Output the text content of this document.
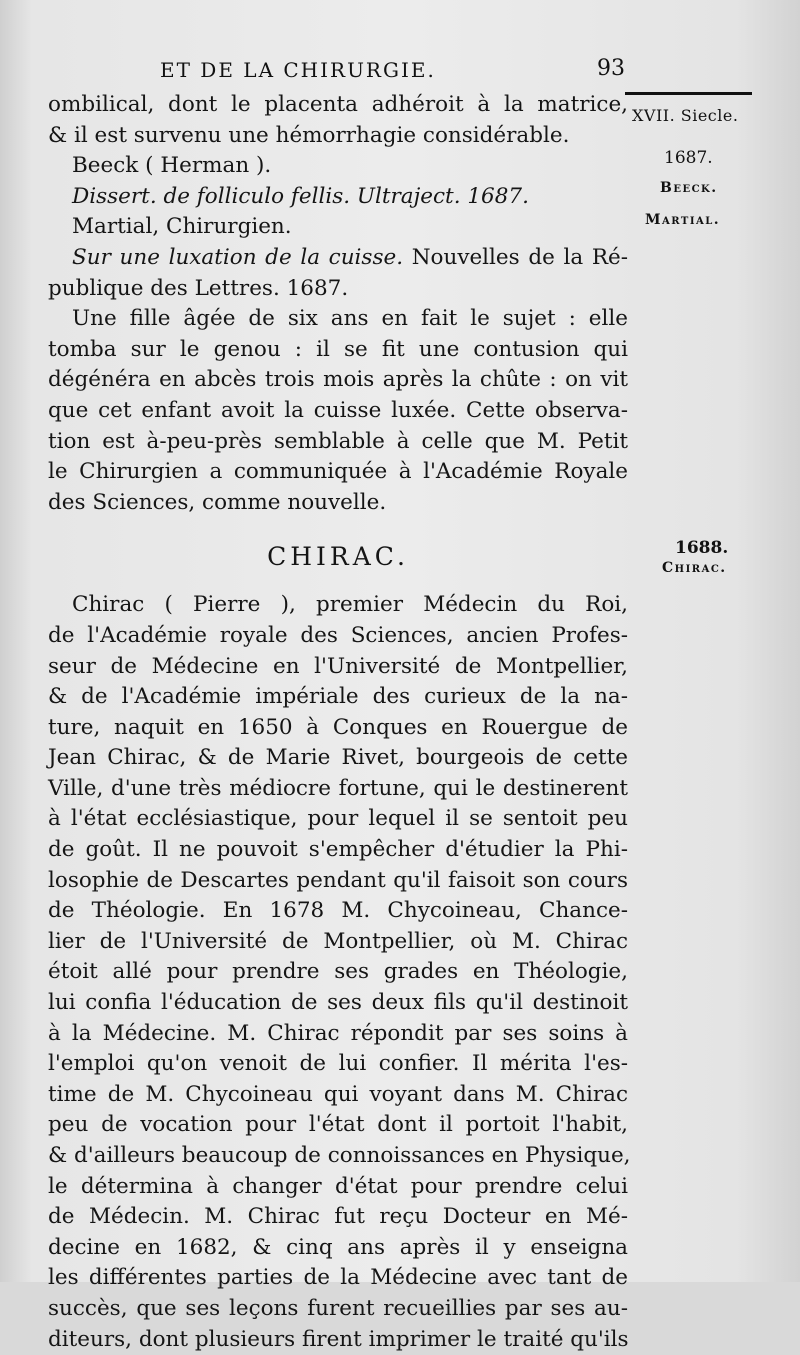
ET DE LA CHIRURGIE.	93
XVII. Siecle.
1687.
Beeck.
Martial.
1688.
Chirac.
ombilical, dont le placenta adhéroit à la matrice,
& il est survenu une hémorrhagie considérable.
Beeck ( Herman ).
Dissert. de folliculo fellis. Ultraject. 1687.
Martial, Chirurgien.
Sur une luxation de la cuisse. Nouvelles de la Ré-
publique des Lettres. 1687.
Une fille âgée de six ans en fait le sujet : elle
tomba sur le genou : il se fit une contusion qui
dégénéra en abcès trois mois après la chûte : on vit
que cet enfant avoit la cuisse luxée. Cette observa-
tion est à-peu-près semblable à celle que M. Petit
le Chirurgien a communiquée à l'Académie Royale
des Sciences, comme nouvelle.
CHIRAC.
Chirac ( Pierre ), premier Médecin du Roi,
de l'Académie royale des Sciences, ancien Profes-
seur de Médecine en l'Université de Montpellier,
& de l'Académie impériale des curieux de la na-
ture, naquit en 1650 à Conques en Rouergue de
Jean Chirac, & de Marie Rivet, bourgeois de cette
Ville, d'une très médiocre fortune, qui le destinerent
à l'état ecclésiastique, pour lequel il se sentoit peu
de goût. Il ne pouvoit s'empêcher d'étudier la Phi-
losophie de Descartes pendant qu'il faisoit son cours
de Théologie. En 1678 M. Chycoineau, Chance-
lier de l'Université de Montpellier, où M. Chirac
étoit allé pour prendre ses grades en Théologie,
lui confia l'éducation de ses deux fils qu'il destinoit
à la Médecine. M. Chirac répondit par ses soins à
l'emploi qu'on venoit de lui confier. Il mérita l'es-
time de M. Chycoineau qui voyant dans M. Chirac
peu de vocation pour l'état dont il portoit l'habit,
& d'ailleurs beaucoup de connoissances en Physique,
le détermina à changer d'état pour prendre celui
de Médecin. M. Chirac fut reçu Docteur en Mé-
decine en 1682, & cinq ans après il y enseigna
les différentes parties de la Médecine avec tant de
succès, que ses leçons furent recueillies par ses au-
diteurs, dont plusieurs firent imprimer le traité qu'ils
